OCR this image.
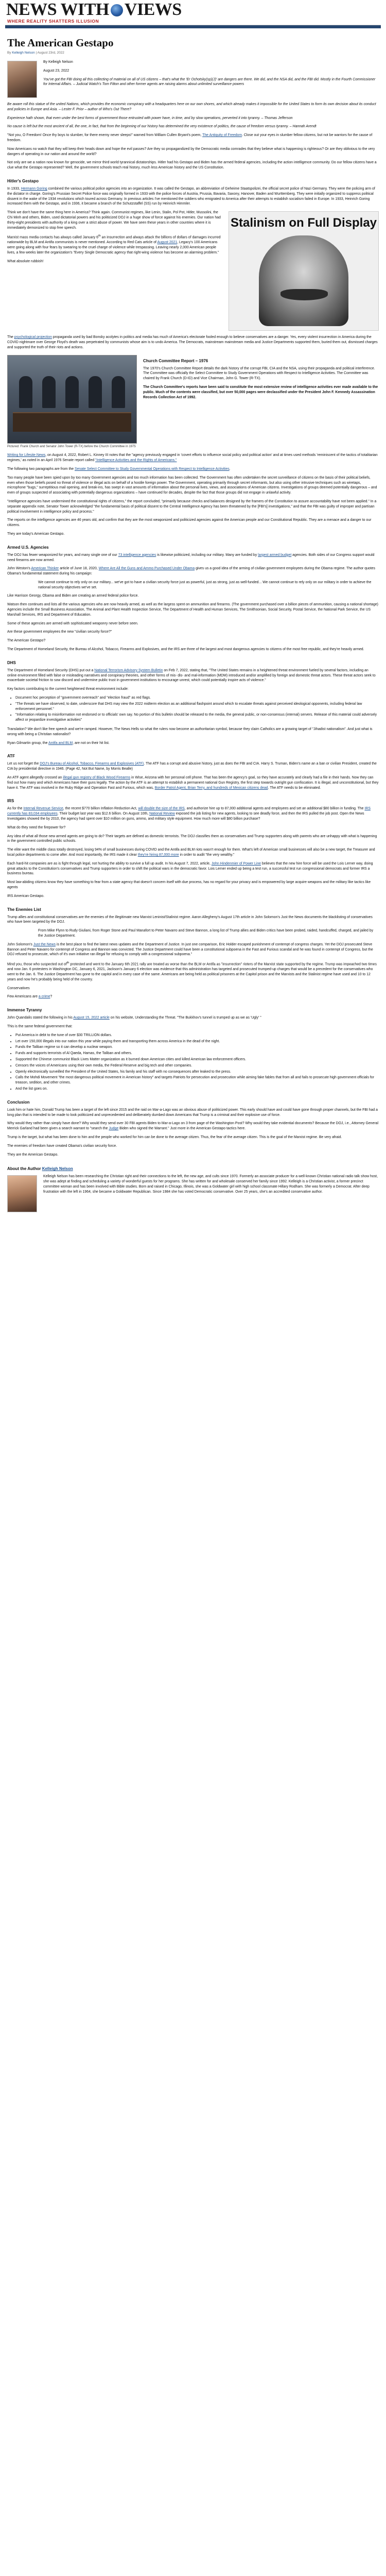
NEWS WITH VIEWS
WHERE REALITY SHATTERS ILLUSION
The American Gestapo
By Kelleigh Nelson | August 23rd, 2022

By Kelleigh Nelson

August 23, 2022

You've got the FBI doing all this collecting of material on all of US citizens – that's what the 'Er Ochotsky(sp)(J)' are dangers are there. We did, and the NSA did, and the FBI did. Mostly in the Fourth Commissioner for Internal Affairs. – Judicial Watch's Tom Fitton and other former agents are raising alarms about unlimited surveillance powers

Be aware roll this statue of the united Nations, which provides the economic conspiracy with a headquarters here on our own shores, and which already makes it impossible for the United States to form its own decision about its conduct and policies in Europe and Asia. – Lester F. Prior – author of Who's Out There?

Experience hath shown, that even under the best forms of government those entrusted with power have, in time, and by slow operations, perverted it into tyranny. – Thomas Jefferson

No cause is left but the most ancient of all, the one, in fact, that from the beginning of our history has determined the very existence of politics, the cause of freedom versus tyranny. – Hannah Arendt

"Not you, O Freedom! Once thy boys to slumber, for there enemy never sleeps!" warned from William Cullen Bryant's poem, The Antiquity of Freedom. Close out your eyes in slumber fellow citizens, but not be warriors for the cause of freedom.

Now Americans no watch that they will keep their heads down and hope the evil passes? Are they so propagandized by the Democratic media comrades that they believe what is happening is righteous? Or are they oblivious to the very dangers of operating in our nation and around the world?

Not only are we a nation now known for genocide, we mirror third world tyrannical dictatorships. Hitler had his Gestapo and Biden has the armed federal agencies, including the action intelligence community. Do our fellow citizens have a clue what the Gestapo represented? Well, the government schools teach real history, much less American history and the US Constitution.

Hitler's Gestapo

In 1933, Hermann Goring combined the various political police agencies into an organization. It was called the Gestapo, an abbreviation of Geheime Staatspolizei, the official secret police of Nazi Germany. They were the policing arm of the dictator in charge. Goring's Prussian Secret Police force was originally formed in 1933 with the police forces of Austria, Prussia, Bavaria, Saxony, Hanover, Baden and Wurttemberg. They were initially organized to suppress political dissent in the wake of the 1934 revolutions which toured across Germany. In previous articles I've mentioned the soldiers who emigrated to America after their attempts to establish socialism failed in Europe. In 1933, Heinrich Goring increased them with the Gestapo, and in 1936, it became a branch of the Schutzstaffel (SS) run by Heinrich Himmler.

Stalinism on Full Display

Think we don't have the same thing here in America? Think again. Communist regimes, like Lenin, Stalin, Pol Pot, Hitler, Mussolini, the Chi Minh and others, Biden, used dictatorial powers and his politicized DOJ in a huge show of force against his enemies. Our nation had thirty-eight presidents with authority of a king over a strict abuse of power. We have seen these years in other countries where it is immediately demonized to stop free speech.

Marxist mass media contacts has always called January 6th an insurrection and always attack the billions of dollars of damages incurred nationwide by BLM and Antifa communists is never mentioned. According to Red Cats article of August 2021, Legacy's 100 Americans were going along with four fears by swearing to the cruel charge of violence while trespassing. Leaving nearly 2,000 American people lives, a few weeks later the organization's "Every Single Democratic agency that right-wing violence has become an alarming problem."

What absolute rubbish!

The psychological projection propaganda used by bad Bonsky acolytes in politics and media has much of America's electorate fooled enough to believe conservatives are a danger. Yes, every violent insurrection in America during the COVID nightmare over George Floyd's death was perpetrated by communists whose aim is to undo America. The Democrats, mainstream mainstream media and Justice Departments supported them, buried them out, dismissed charges and supported the truth of their riots and actions.

Pictured: Frank Church and Senator John Tower (R-TX) before the Church Committee in 1975
Church Committee Report – 1976

The 1970's Church Committee Report details the dark history of the corrupt FBI, CIA and the NSA, using their propaganda and political interference. The Committee was officially the Select Committee to Study Government Operations with Respect to Intelligence Activities. The Committee was chaired by Frank Church (D-ID) and Vice Chairman, John G. Tower (R-TX).

The Church Committee's reports have been said to constitute the most extensive review of intelligence activities ever made available to the public. Much of the contents were classified, but over 50,000 pages were declassified under the President John F. Kennedy Assassination Records Collection Act of 1992.

Writing for Lifesite News, on August 4, 2022, Robert L. Kinney III notes that the "agency previously engaged in 'covert efforts to influence social policy and political action' and at times used methods 'reminiscent of the tactics of totalitarian regimes,' as noted in an April 1976 Senate report called "Intelligence Activities and the Rights of Americans."

The following two paragraphs are from the Senate Select Committee to Study Governmental Operations with Respect to Intelligence Activities.

Too many people have been spied upon by too many Government agencies and too much information has been collected. The Government has often undertaken the secret surveillance of citizens on the basis of their political beliefs, even when those beliefs posed no threat of violence or illegal acts on behalf of a hostile foreign power. The Government, operating primarily through secret informants, but also using other intrusive techniques such as wiretaps, microphone "bugs," surreptitious mail opening, and break-ins, has swept in vast amounts of information about the personal lives, views, and associations of American citizens. Investigations of groups deemed potentially dangerous – and even of groups suspected of associating with potentially dangerous organizations – have continued for decades, despite the fact that those groups did not engage in unlawful activity.

"Intelligence agencies have undermined the constitutional rights of citizens," the report concluded, "primarily because checks and balances designed by the framers of the Constitution to assure accountability have not been applied." In a separate appendix note, Senator Tower acknowledged "the fundamental basis of political dissent to the Central Intelligence Agency has been threatened by the [FBI's] investigations," and that the FBI was guilty of improper and partisan political involvement in intelligence policy and process."

The reports on the intelligence agencies are 46 years old, and confirm that they are the most weaponized and politicized agencies against the American people and our Constitutional Republic. They are a menace and a danger to our citizens.

They are today's American Gestapo.

Armed U.S. Agencies

The DOJ has fewer weaponized for years, and many single one of our 73 intelligence agencies is likewise politicized, including our military. Many are funded by largest armed budget agencies. Both sides of our Congress support would need firearms are now armed.

John Weston's American Thinker article of June 18, 2020, Where Are All the Guns and Ammo Purchased Under Obama gives us a good idea of the arming of civilian government employees during the Obama regime. The author quotes Obama's fundamental statement during his campaign:

We cannot continue to rely only on our military... we've got to have a civilian security force just as powerful, just as strong, just as well-funded... We cannot continue to rely only on our military in order to achieve the national security objectives we've set.

Like Harrison Georgy, Obama and Biden are creating an armed federal police force.

Watson then continues and lists all the various agencies who are now heavily armed, as well as the largess spent on ammunition and firearms. (The government purchased over a billion pieces of ammunition, causing a national shortage) Agencies include the Small Business Association, The Animal and Plant Health Inspection Service, The Department of Health and Human Services, The Smithsonian, Social Security, Postal Service, the National Park Service, the US Marshall Services, IRS and Department of Education.

Some of these agencies are armed with sophisticated weaponry never before seen.

Are these government employees the new "civilian security force?"

The American Gestapo?

The Department of Homeland Security, the Bureau of Alcohol, Tobacco, Firearms and Explosives, and the IRS are three of the largest and most dangerous agencies to citizens of the most free republic, and they're heavily armed.

DHS

The Department of Homeland Security (DHS) put out a National Terrorism Advisory System Bulletin on Feb 7, 2022, stating that, "The United States remains in a heightened threat environment fueled by several factors, including an online environment filled with false or misleading narratives and conspiracy theories, and other forms of mis- dis- and mal-information (MDM) introduced and/or amplified by foreign and domestic threat actors. These threat actors seek to exacerbate societal friction to sow discord and undermine public trust in government institutions to encourage unrest, which could potentially inspire acts of violence."

Key factors contributing to the current heightened threat environment include:

• Document hoc perception of "government overreach" and "election fraud" as red flags.
• "The threats we have observed, to date, underscore that DHS may view the 2022 midterm election as an additional flashpoint around which to escalate threats against perceived ideological opponents, including federal law enforcement personnel."
• "Information relating to misinformation not endorsed or to officials' own say. No portion of this bulletin should be released to the media, the general public, or non-consensus (internal) servers. Release of this material could adversely affect or jeopardize investigative activities"

Translation? We don't like free speech and we're ramped. However, The News Hells so what the rulers now become an authoritarian symbol, because they claim Catholics are a growing target of "Jihadist nationalism". And just what is wrong with being a Christian nationalist?

Ryan Gilmartin group, the Antifa and BLM, are not on their hit list.

ATF

Let us not forget the DOJ's Bureau of Alcohol, Tobacco, Firearms and Explosives (ATF). The ATF has a corrupt and abusive history, just as does the FBI and CIA. Harry S. Truman, Biden's name an a ban or civilian President, created the CIA by presidential directive in 1946. (Page 42, Not But Name, by Morris Bealle)

An ATF agent allegedly crossed an illegal gun registry of Black Wood Firearms in Wise, Arizona with her personal cell phone. That has been the agency's goal, so they have accurately and clearly had a file in their hands. Now they can find out how many and which Americans have their guns legally. The action by the ATF is an attempt to establish a permanent national Gun Registry, the first step towards outright gun confiscation. It is illegal, and unconstitutional, but they have it. The ATF was involved in the Ruby Ridge and Operation Fast and Furious, which was, Border Patrol Agent, Brian Terry, and hundreds of Mexican citizens dead. The ATF needs to be eliminated.

IRS

As for the Internal Revenue Service, the recent $770 billion Inflation Reduction Act, will double the size of the IRS, and authorize hire up to 87,000 additional agents and employees and set an additional $80 billion in funding. The IRS currently has 83,034 employees. Their budget last year was $12.6 billion. On August 10th, National Review exposed the job listing for new agents, looking to see deadly force, and then the IRS pulled the job post. Open the News Investigates showed the by 2010, the agency had spent over $10 million on guns, ammo, and military style equipment. How much more will $80 billion purchase?

What do they need the firepower for?

Any idea of what all those new armed agents are going to do? Their targets are defined as domestic terrorists. The DOJ classifies them as conservatives and Trump supporters along with parents who are unhappy with what is happening in the government controlled public schools.

The elite want the middle class totally destroyed, losing 94% of small businesses during COVID and the Antifa and BLM riots wasn't enough for them. What's left of American small businesses will also be a new target, the Treasurer and local police departments to come after. And most importantly, the IRS made it clear they're hiring 87,000 more in order to audit "the very wealthy."

Each hard-hit companies are as is fight through legal, not hurting the ability to survive a full up audit. In his August 7, 2022, article, John Hindenmier of Power Line believes that the new hire force will be used the Lois Lerner way, doing great attacks to the Constitution's conservatives and Trump supporters in order to shift the political wars in the democratic favor. Lois Lerner ended up being a test run, a successful test run congressional democrats and former IRS a business bureau.

Most law-abiding citizens know they have something to fear from a state agency that doesn't concern itself with due process, has no regard for your privacy and is empowered by large acquire weapons and the military like tactics like agents

IRS American Gestapo.

The Enemies List

Trump allies and constitutional conservatives are the enemies of the illegitimate new Marxist Leninist/Stalinist regime. Aaron Allegheny's August 17th article in John Solomon's Just the News documents the blacklisting of conservatives who have been targeted by the DOJ.

From Mike Flynn to Rudy Giuliani, from Roger Stone and Paul Manafort to Peter Navarro and Steve Bannon, a long list of Trump allies and Biden critics have been probed, raided, handcuffed, charged, and jailed by the Justice Department.

John Solomon's Just the News is the best place to find the latest news updates and the Department of Justice. In just one comparison, Eric Holder escaped punishment of contempt of congress charges. Yet the DOJ prosecuted Steve Bannon and Peter Navarro for contempt of Congress and Bannon was convicted. The Justice Department could have been a constitutional subpoena in the Fast and Furious scandal and he was found in contempt of Congress, but the DOJ refused to prosecute, which of it's own initiative ran illegal for refusing to comply with a congressional subpoena."

Mind you, those who suspected out $of^{th}$ protested and went to the January 6th 2021 rally are treated as worse than the BLM or Antifa as "insurrection" rioters of the Marxist state supported by the regime. Trump was impeached two times and now Jan. 6 protesters in Washington DC, January 6, 2021, Jackson's January 6 election was evidence that this administration has targeted and prosecuted trumped-up charges that would be a precedent for the conservatives who went to the Jan. 6. The Justice Department has gone to the capitol and in every case of the same. Americans are being held as political prisoners at the Capitol prison and the Marxists and the Stalinist regime have used and 10 to 12 years and now he's probably being held of the country.

Conservatives

Few Americans are a crime?

Immense Tyranny

John Quandalis stated the following in his August 15, 2022 article on his website, Understanding the Threat. "The Bukkhov's tunnel is trumped up as we as 'Ugly' "

This is the same federal government that:

• Put America in debt to the tune of over $30 TRILLION dollars.
• Let over 150,000 illegals into our nation this year while paying them and transporting them across America in the dead of the night.
• Funds the Taliban regime so it can develop a nuclear weapon.
• Funds and supports terrorists of Al Qaeda, Hamas, the Taliban and others.
• Supported the Chinese communist Black Lives Matter organization as it burned down American cities and killed American law enforcement officers.
• Censors the voices of Americans using their own media, the Federal Reserve and big tech and other companies.
• Openly electronically surveilled the President of the United States, his family and his staff with no consequences after leaked to the press.
• Calls the Mohdi Movement "the most dangerous political movement in American history" and targets Patriots for persecution and prosecution while aiming fake fables that from all and fails to prosecute high government officials for treason, sedition, and other crimes.
• And the list goes on.
Conclusion

Look him or hate him, Donald Trump has been a target of the left since 2015 and the raid on Mar-a-Lago was an obvious abuse of politicized power. This early should have and could have gone through proper channels, but the FBI had a long plan that is intended to be made to look politicized and unprecedented and deliberately dumbed down Americans that Trump is a criminal and their explosive use of force.

Why would they rather than simply have done? Why would they send over 30 FBI agents Biden to Mar-a-Lago on 3 from page of the Washington Post? Why would they take evidential documents? Because the DOJ, i.e., Attorney General Merrick Garland had been given a search warrant to "search the Judge Biden who signed the Warrant." Just more in the American Gestapo tactics here.

Trump is the target, but what has been done to him and the people who worked for him can be done to the average citizen. Thus, the fear of the average citizen. This is the goal of the Marxist regime. Be very afraid.

The enemies of freedom have created Obama's civilian security force.

They are the American Gestapo.

About the Author Kelleigh Nelson

Kelleigh Nelson has been researching the Christian right and their connections to the left, the new age, and cults since 1970. Formerly an associate producer for a well-known Christian national radio talk show host, she was adept at finding and scheduling a variety of wonderful guests for her programs. She has written for and wholesale conserved her family since 1992. Kelleigh is a Christian activist, a former precinct committee woman and has been involved with Bible studies. Born and raised in Chicago, Illinois, she was a Goldwater girl with high school classmate Hillary Rodham. She was formerly a Democrat. After deep frustration with the left in 1964, she became a Goldwater Republican. Since 1984 she has voted Democratic conservative. Over 25 years, she's an accredited conservative author.
